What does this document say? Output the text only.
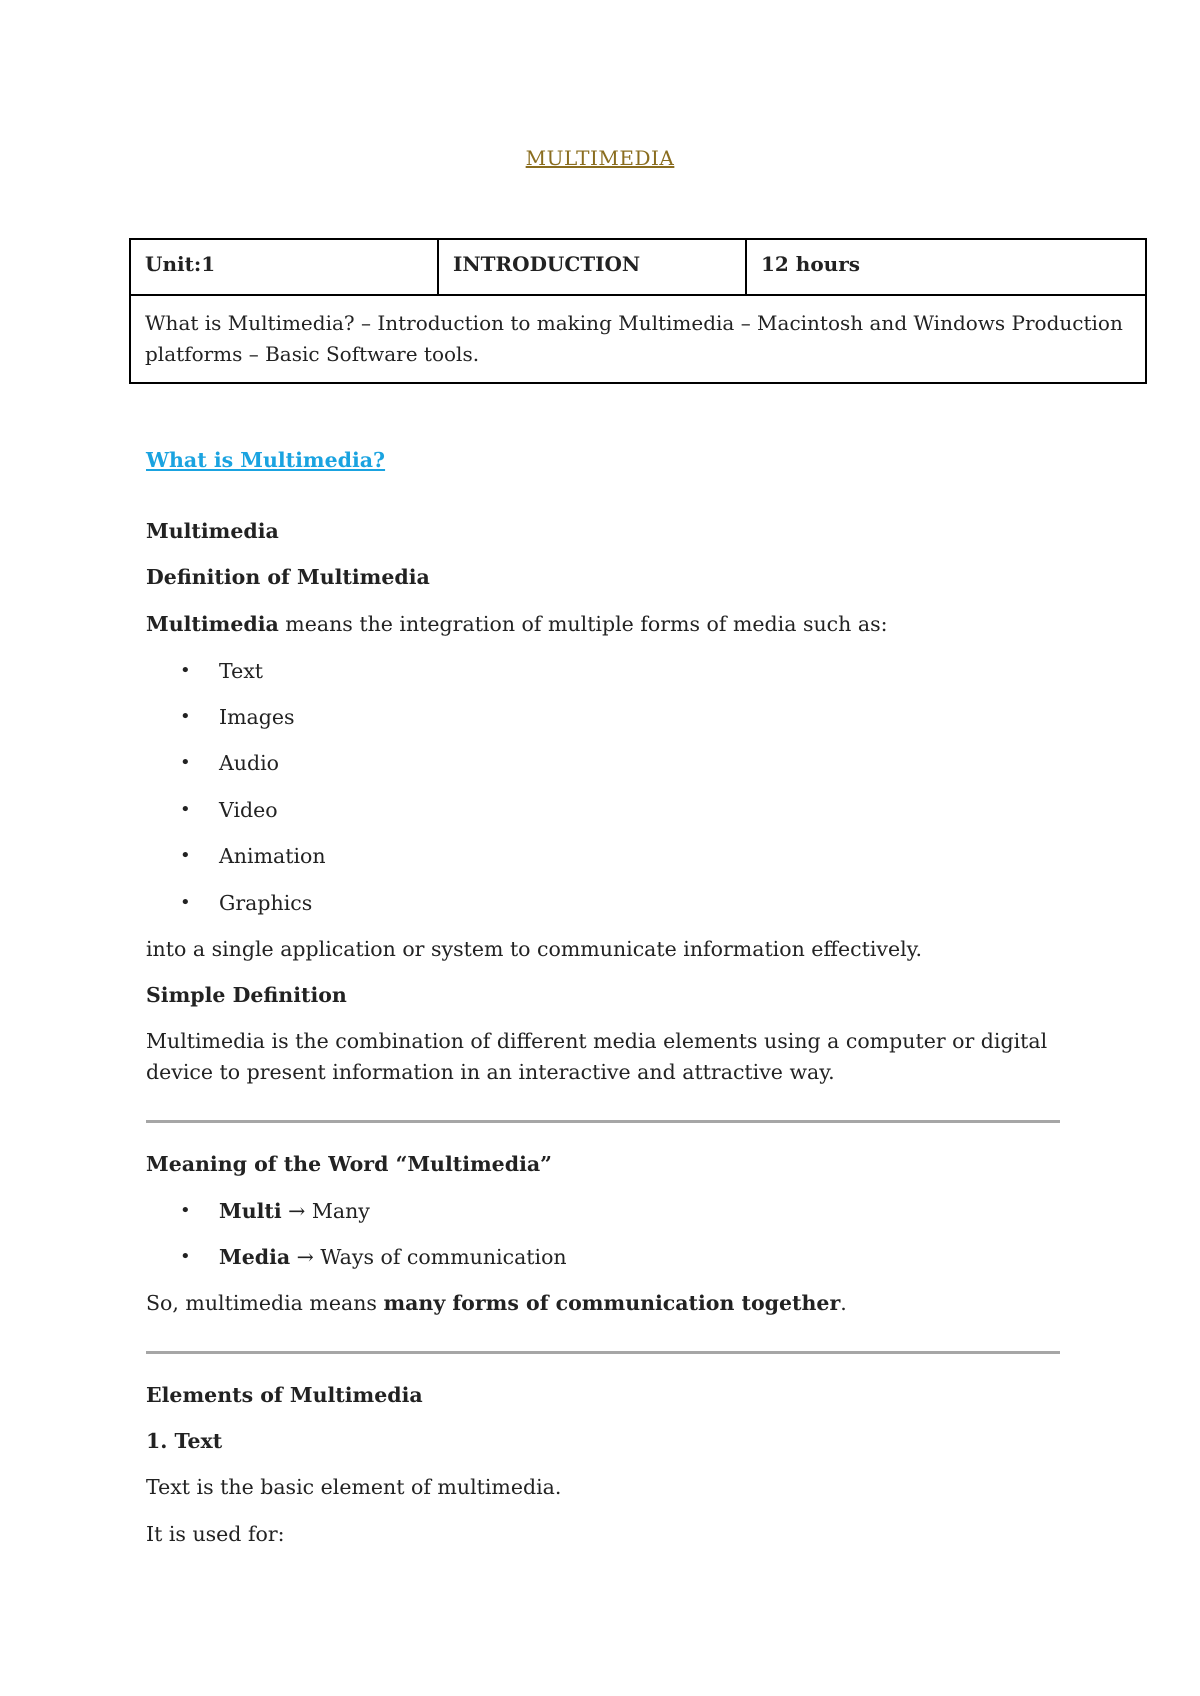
MULTIMEDIA
Unit:1	INTRODUCTION	12 hours
What is Multimedia? – Introduction to making Multimedia – Macintosh and Windows Production platforms – Basic Software tools.
What is Multimedia?
Multimedia
Definition of Multimedia
Multimedia means the integration of multiple forms of media such as:
• Text
• Images
• Audio
• Video
• Animation
• Graphics
into a single application or system to communicate information effectively.
Simple Definition
Multimedia is the combination of different media elements using a computer or digital device to present information in an interactive and attractive way.
Meaning of the Word “Multimedia”
• Multi → Many
• Media → Ways of communication
So, multimedia means many forms of communication together.
Elements of Multimedia
1. Text
Text is the basic element of multimedia.
It is used for:
